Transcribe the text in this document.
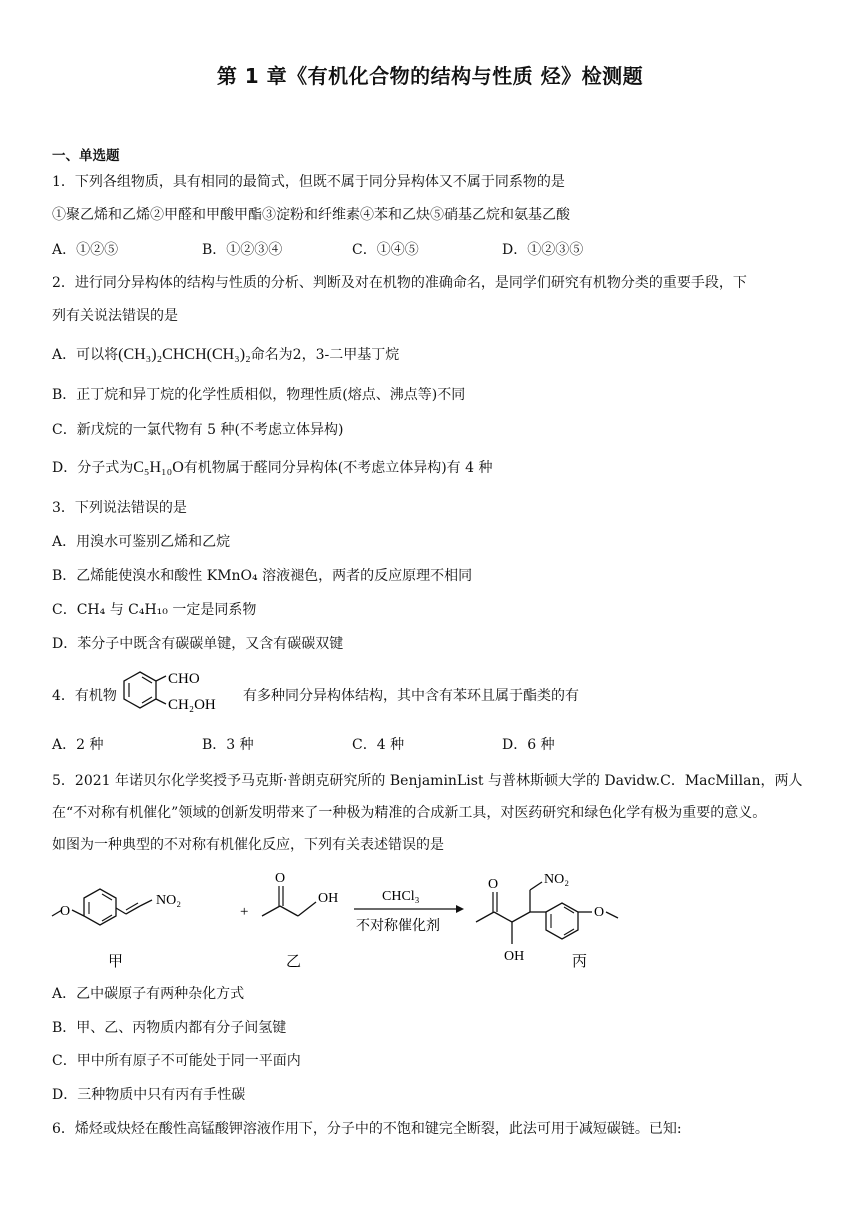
第 1 章《有机化合物的结构与性质 烃》检测题
一、单选题
1．下列各组物质，具有相同的最简式，但既不属于同分异构体又不属于同系物的是
①聚乙烯和乙烯②甲醛和甲酸甲酯③淀粉和纤维素④苯和乙炔⑤硝基乙烷和氨基乙酸
A．①②⑤	B．①②③④	C．①④⑤	D．①②③⑤
2．进行同分异构体的结构与性质的分析、判断及对在机物的准确命名，是同学们研究有机物分类的重要手段，下
列有关说法错误的是
A．可以将(CH₃)₂CHCH(CH₃)₂命名为2，3-二甲基丁烷
B．正丁烷和异丁烷的化学性质相似，物理性质(熔点、沸点等)不同
C．新戊烷的一氯代物有 5 种(不考虑立体异构)
D．分子式为C₅H₁₀O有机物属于醛同分异构体(不考虑立体异构)有 4 种
3．下列说法错误的是
A．用溴水可鉴别乙烯和乙烷
B．乙烯能使溴水和酸性 KMnO₄ 溶液褪色，两者的反应原理不相同
C．CH₄ 与 C₄H₁₀ 一定是同系物
D．苯分子中既含有碳碳单键，又含有碳碳双键
4．有机物
CHO
CH₂OH
有多种同分异构体结构，其中含有苯环且属于酯类的有
A．2 种	B．3 种	C．4 种	D．6 种
5．2021 年诺贝尔化学奖授予马克斯·普朗克研究所的 BenjaminList 与普林斯顿大学的 Davidw.C．MacMillan，两人
在“不对称有机催化”领域的创新发明带来了一种极为精准的合成新工具，对医药研究和绿色化学有极为重要的意义。
如图为一种典型的不对称有机催化反应，下列有关表述错误的是
O
NO₂
甲
+
O
OH
乙
CHCl₃
不对称催化剂
O
OH
NO₂
O
丙
A．乙中碳原子有两种杂化方式
B．甲、乙、丙物质内都有分子间氢键
C．甲中所有原子不可能处于同一平面内
D．三种物质中只有丙有手性碳
6．烯烃或炔烃在酸性高锰酸钾溶液作用下，分子中的不饱和键完全断裂，此法可用于减短碳链。已知:
